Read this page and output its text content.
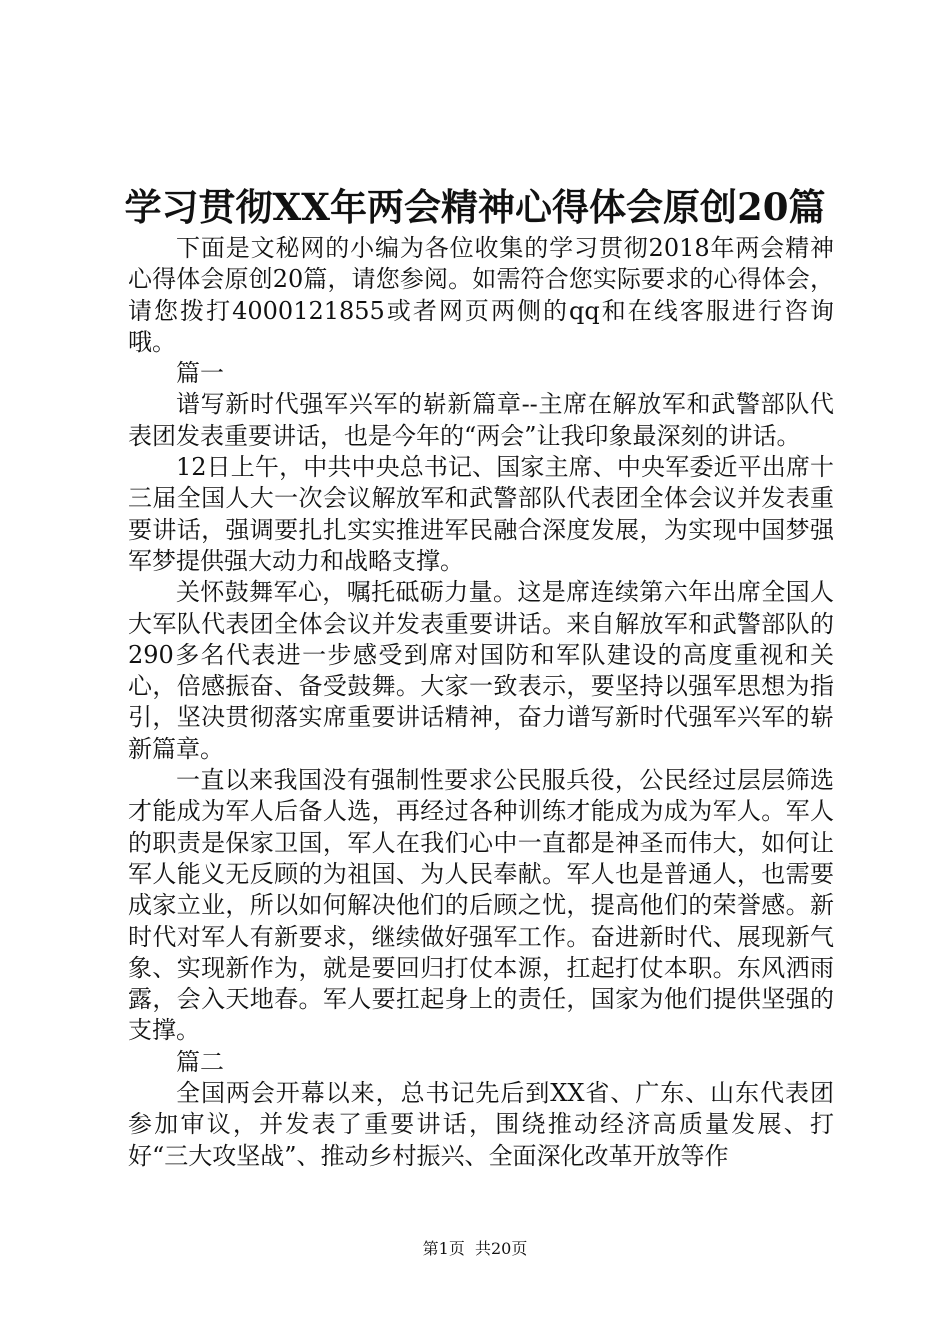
学习贯彻XX年两会精神心得体会原创20篇

下面是文秘网的小编为各位收集的学习贯彻2018年两会精神心得体会原创20篇，请您参阅。如需符合您实际要求的心得体会，请您拨打4000121855或者网页两侧的qq和在线客服进行咨询哦。

篇一

谱写新时代强军兴军的崭新篇章--主席在解放军和武警部队代表团发表重要讲话，也是今年的“两会”让我印象最深刻的讲话。

12日上午，中共中央总书记、国家主席、中央军委近平出席十三届全国人大一次会议解放军和武警部队代表团全体会议并发表重要讲话，强调要扎扎实实推进军民融合深度发展，为实现中国梦强军梦提供强大动力和战略支撑。

关怀鼓舞军心，嘱托砥砺力量。这是席连续第六年出席全国人大军队代表团全体会议并发表重要讲话。来自解放军和武警部队的290多名代表进一步感受到席对国防和军队建设的高度重视和关心，倍感振奋、备受鼓舞。大家一致表示，要坚持以强军思想为指引，坚决贯彻落实席重要讲话精神，奋力谱写新时代强军兴军的崭新篇章。

一直以来我国没有强制性要求公民服兵役，公民经过层层筛选才能成为军人后备人选，再经过各种训练才能成为成为军人。军人的职责是保家卫国，军人在我们心中一直都是神圣而伟大，如何让军人能义无反顾的为祖国、为人民奉献。军人也是普通人，也需要成家立业，所以如何解决他们的后顾之忧，提高他们的荣誉感。新时代对军人有新要求，继续做好强军工作。奋进新时代、展现新气象、实现新作为，就是要回归打仗本源，扛起打仗本职。东风洒雨露，会入天地春。军人要扛起身上的责任，国家为他们提供坚强的支撑。

篇二

全国两会开幕以来，总书记先后到XX省、广东、山东代表团参加审议，并发表了重要讲话，围绕推动经济高质量发展、打好“三大攻坚战”、推动乡村振兴、全面深化改革开放等作

第1页  共20页
